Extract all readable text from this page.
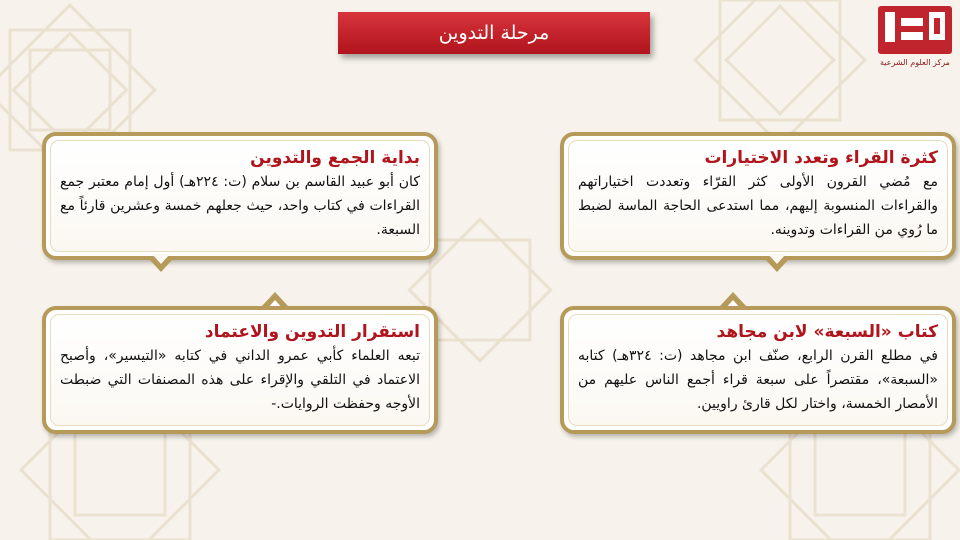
مرحلة التدوين
مركز العلوم الشرعية

كثرة القراء وتعدد الاختيارات

مع مُضي القرون الأولى كثر القرّاء وتعددت اختياراتهم والقراءات المنسوبة إليهم، مما استدعى الحاجة الماسة لضبط ما رُوي من القراءات وتدوينه.

بداية الجمع والتدوين

كان أبو عبيد القاسم بن سلام (ت: ٢٢٤هـ) أول إمام معتبر جمع القراءات في كتاب واحد، حيث جعلهم خمسة وعشرين قارئاً مع السبعة.

كتاب «السبعة» لابن مجاهد

في مطلع القرن الرابع، صنّف ابن مجاهد (ت: ٣٢٤هـ) كتابه «السبعة»، مقتصراً على سبعة قراء أجمع الناس عليهم من الأمصار الخمسة، واختار لكل قارئ راويين.

استقرار التدوين والاعتماد

تبعه العلماء كأبي عمرو الداني في كتابه «التيسير»، وأصبح الاعتماد في التلقي والإقراء على هذه المصنفات التي ضبطت الأوجه وحفظت الروايات.-
